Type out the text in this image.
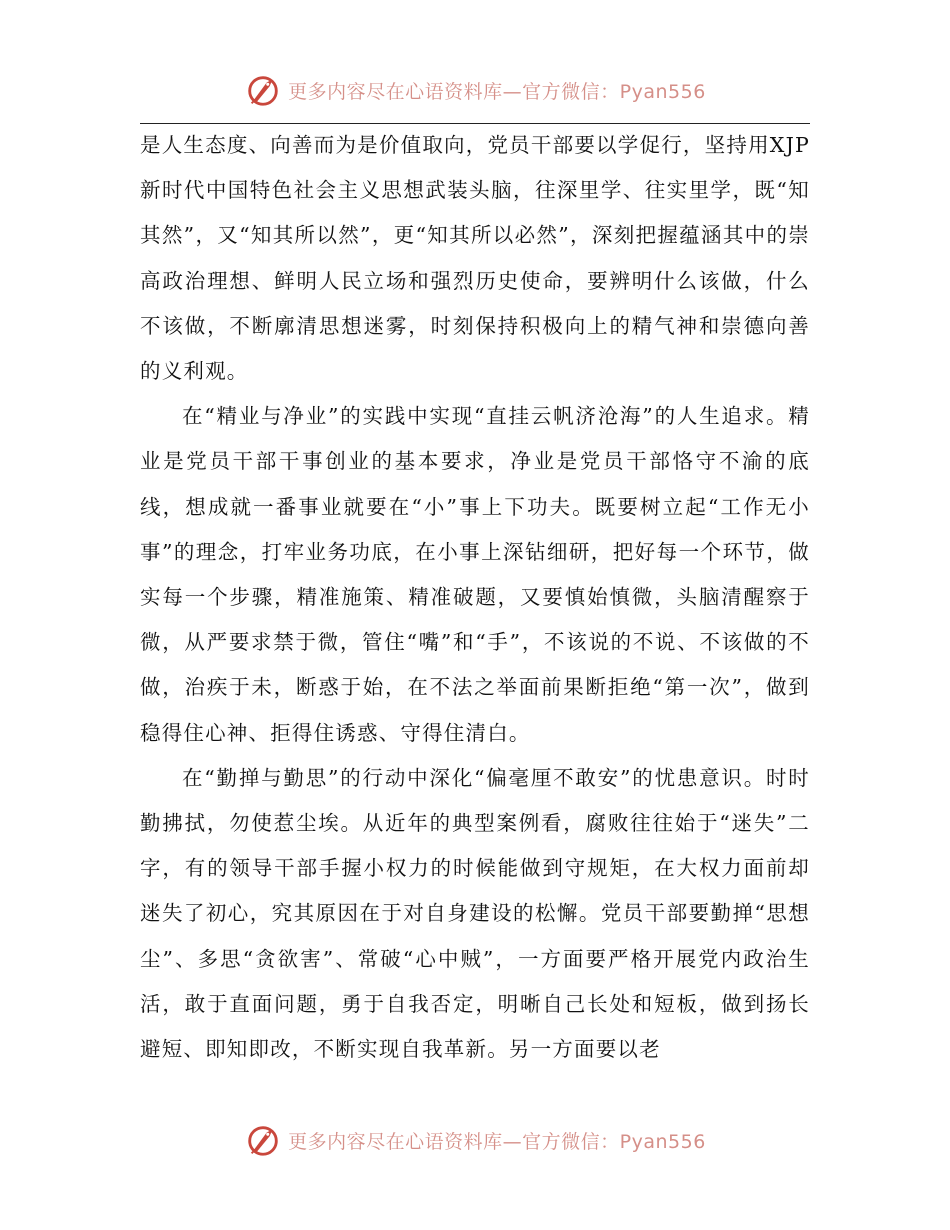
更多内容尽在心语资料库—官方微信：Pyan556

是人生态度、向善而为是价值取向，党员干部要以学促行，坚持用XJP新时代中国特色社会主义思想武装头脑，往深里学、往实里学，既“知其然”，又“知其所以然”，更“知其所以必然”，深刻把握蕴涵其中的崇高政治理想、鲜明人民立场和强烈历史使命，要辨明什么该做，什么不该做，不断廓清思想迷雾，时刻保持积极向上的精气神和崇德向善的义利观。

在“精业与净业”的实践中实现“直挂云帆济沧海”的人生追求。精业是党员干部干事创业的基本要求，净业是党员干部恪守不渝的底线，想成就一番事业就要在“小”事上下功夫。既要树立起“工作无小事”的理念，打牢业务功底，在小事上深钻细研，把好每一个环节，做实每一个步骤，精准施策、精准破题，又要慎始慎微，头脑清醒察于微，从严要求禁于微，管住“嘴”和“手”，不该说的不说、不该做的不做，治疾于未，断惑于始，在不法之举面前果断拒绝“第一次”，做到稳得住心神、拒得住诱惑、守得住清白。

在“勤掸与勤思”的行动中深化“偏毫厘不敢安”的忧患意识。时时勤拂拭，勿使惹尘埃。从近年的典型案例看，腐败往往始于“迷失”二字，有的领导干部手握小权力的时候能做到守规矩，在大权力面前却迷失了初心，究其原因在于对自身建设的松懈。党员干部要勤掸“思想尘”、多思“贪欲害”、常破“心中贼”，一方面要严格开展党内政治生活，敢于直面问题，勇于自我否定，明晰自己长处和短板，做到扬长避短、即知即改，不断实现自我革新。另一方面要以老

更多内容尽在心语资料库—官方微信：Pyan556
